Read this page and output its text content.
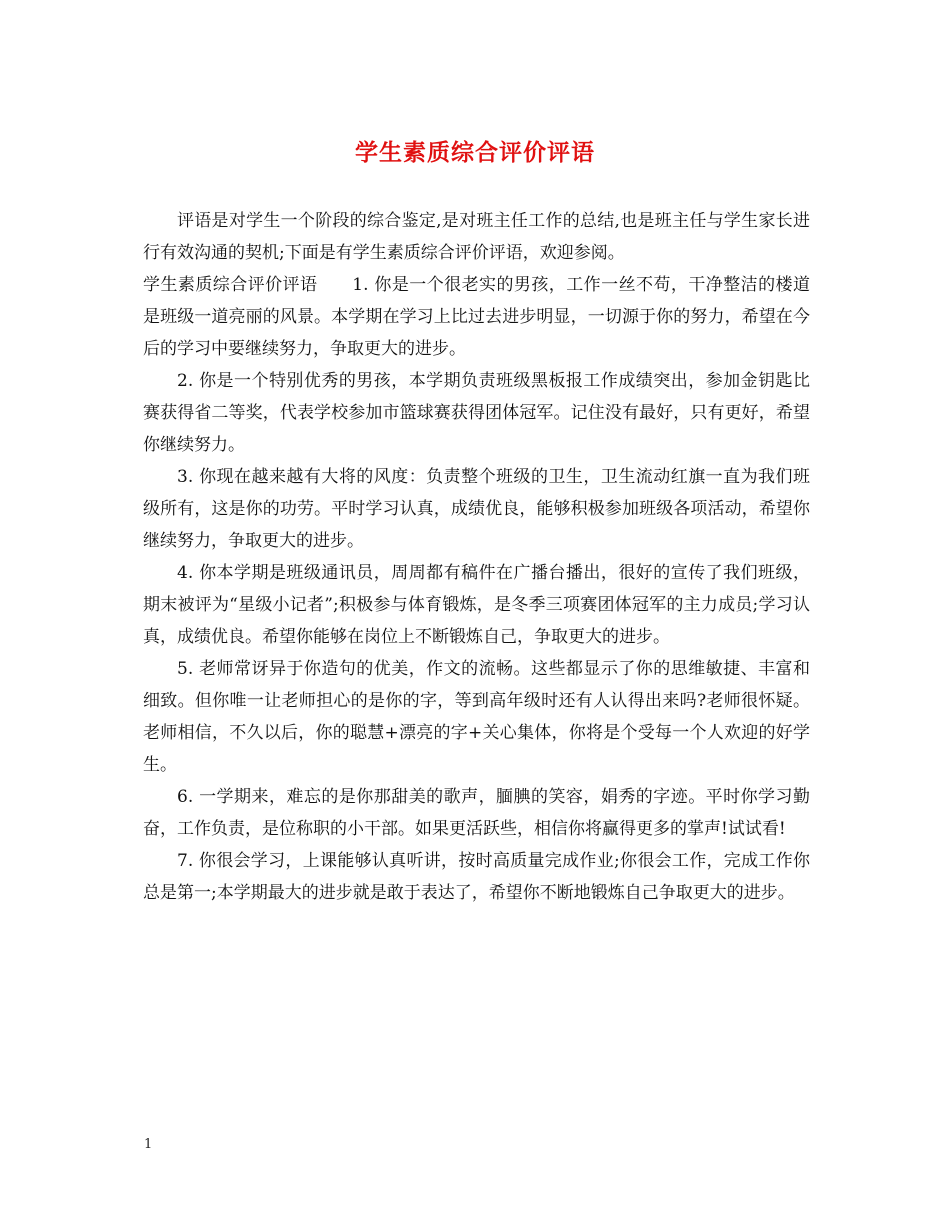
学生素质综合评价评语

评语是对学生一个阶段的综合鉴定,是对班主任工作的总结,也是班主任与学生家长进行有效沟通的契机;下面是有学生素质综合评价评语，欢迎参阅。

学生素质综合评价评语　　1. 你是一个很老实的男孩，工作一丝不苟，干净整洁的楼道是班级一道亮丽的风景。本学期在学习上比过去进步明显，一切源于你的努力，希望在今后的学习中要继续努力，争取更大的进步。

2. 你是一个特别优秀的男孩，本学期负责班级黑板报工作成绩突出，参加金钥匙比赛获得省二等奖，代表学校参加市篮球赛获得团体冠军。记住没有最好，只有更好，希望你继续努力。

3. 你现在越来越有大将的风度：负责整个班级的卫生，卫生流动红旗一直为我们班级所有，这是你的功劳。平时学习认真，成绩优良，能够积极参加班级各项活动，希望你继续努力，争取更大的进步。

4. 你本学期是班级通讯员，周周都有稿件在广播台播出，很好的宣传了我们班级，期末被评为“星级小记者”;积极参与体育锻炼，是冬季三项赛团体冠军的主力成员;学习认真，成绩优良。希望你能够在岗位上不断锻炼自己，争取更大的进步。

5. 老师常讶异于你造句的优美，作文的流畅。这些都显示了你的思维敏捷、丰富和细致。但你唯一让老师担心的是你的字，等到高年级时还有人认得出来吗?老师很怀疑。老师相信，不久以后，你的聪慧+漂亮的字+关心集体，你将是个受每一个人欢迎的好学生。

6. 一学期来，难忘的是你那甜美的歌声，腼腆的笑容，娟秀的字迹。平时你学习勤奋，工作负责，是位称职的小干部。如果更活跃些，相信你将赢得更多的掌声!试试看!

7. 你很会学习，上课能够认真听讲，按时高质量完成作业;你很会工作，完成工作你总是第一;本学期最大的进步就是敢于表达了，希望你不断地锻炼自己争取更大的进步。

1
